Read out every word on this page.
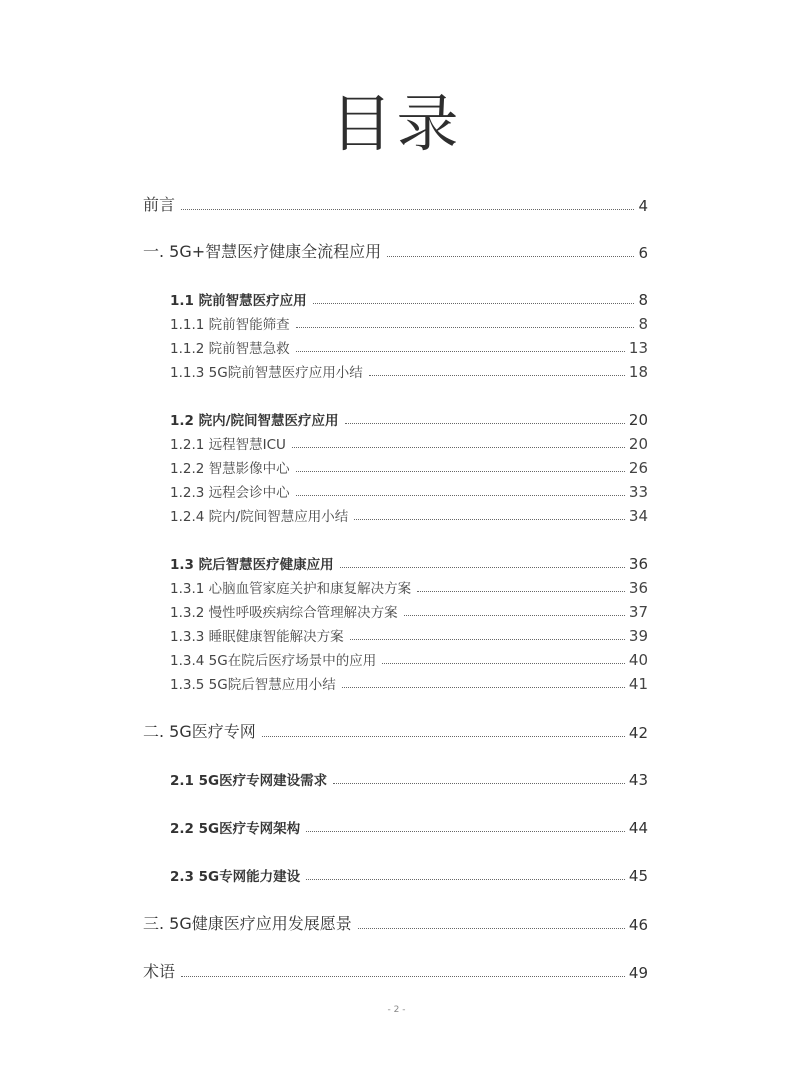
目录
前言	4
一. 5G+智慧医疗健康全流程应用	6
1.1 院前智慧医疗应用	8
1.1.1 院前智能筛查	8
1.1.2 院前智慧急救	13
1.1.3 5G院前智慧医疗应用小结	18
1.2 院内/院间智慧医疗应用	20
1.2.1 远程智慧ICU	20
1.2.2 智慧影像中心	26
1.2.3 远程会诊中心	33
1.2.4 院内/院间智慧应用小结	34
1.3 院后智慧医疗健康应用	36
1.3.1 心脑血管家庭关护和康复解决方案	36
1.3.2 慢性呼吸疾病综合管理解决方案	37
1.3.3 睡眠健康智能解决方案	39
1.3.4 5G在院后医疗场景中的应用	40
1.3.5 5G院后智慧应用小结	41
二. 5G医疗专网	42
2.1 5G医疗专网建设需求	43
2.2 5G医疗专网架构	44
2.3 5G专网能力建设	45
三. 5G健康医疗应用发展愿景	46
术语	49
- 2 -
